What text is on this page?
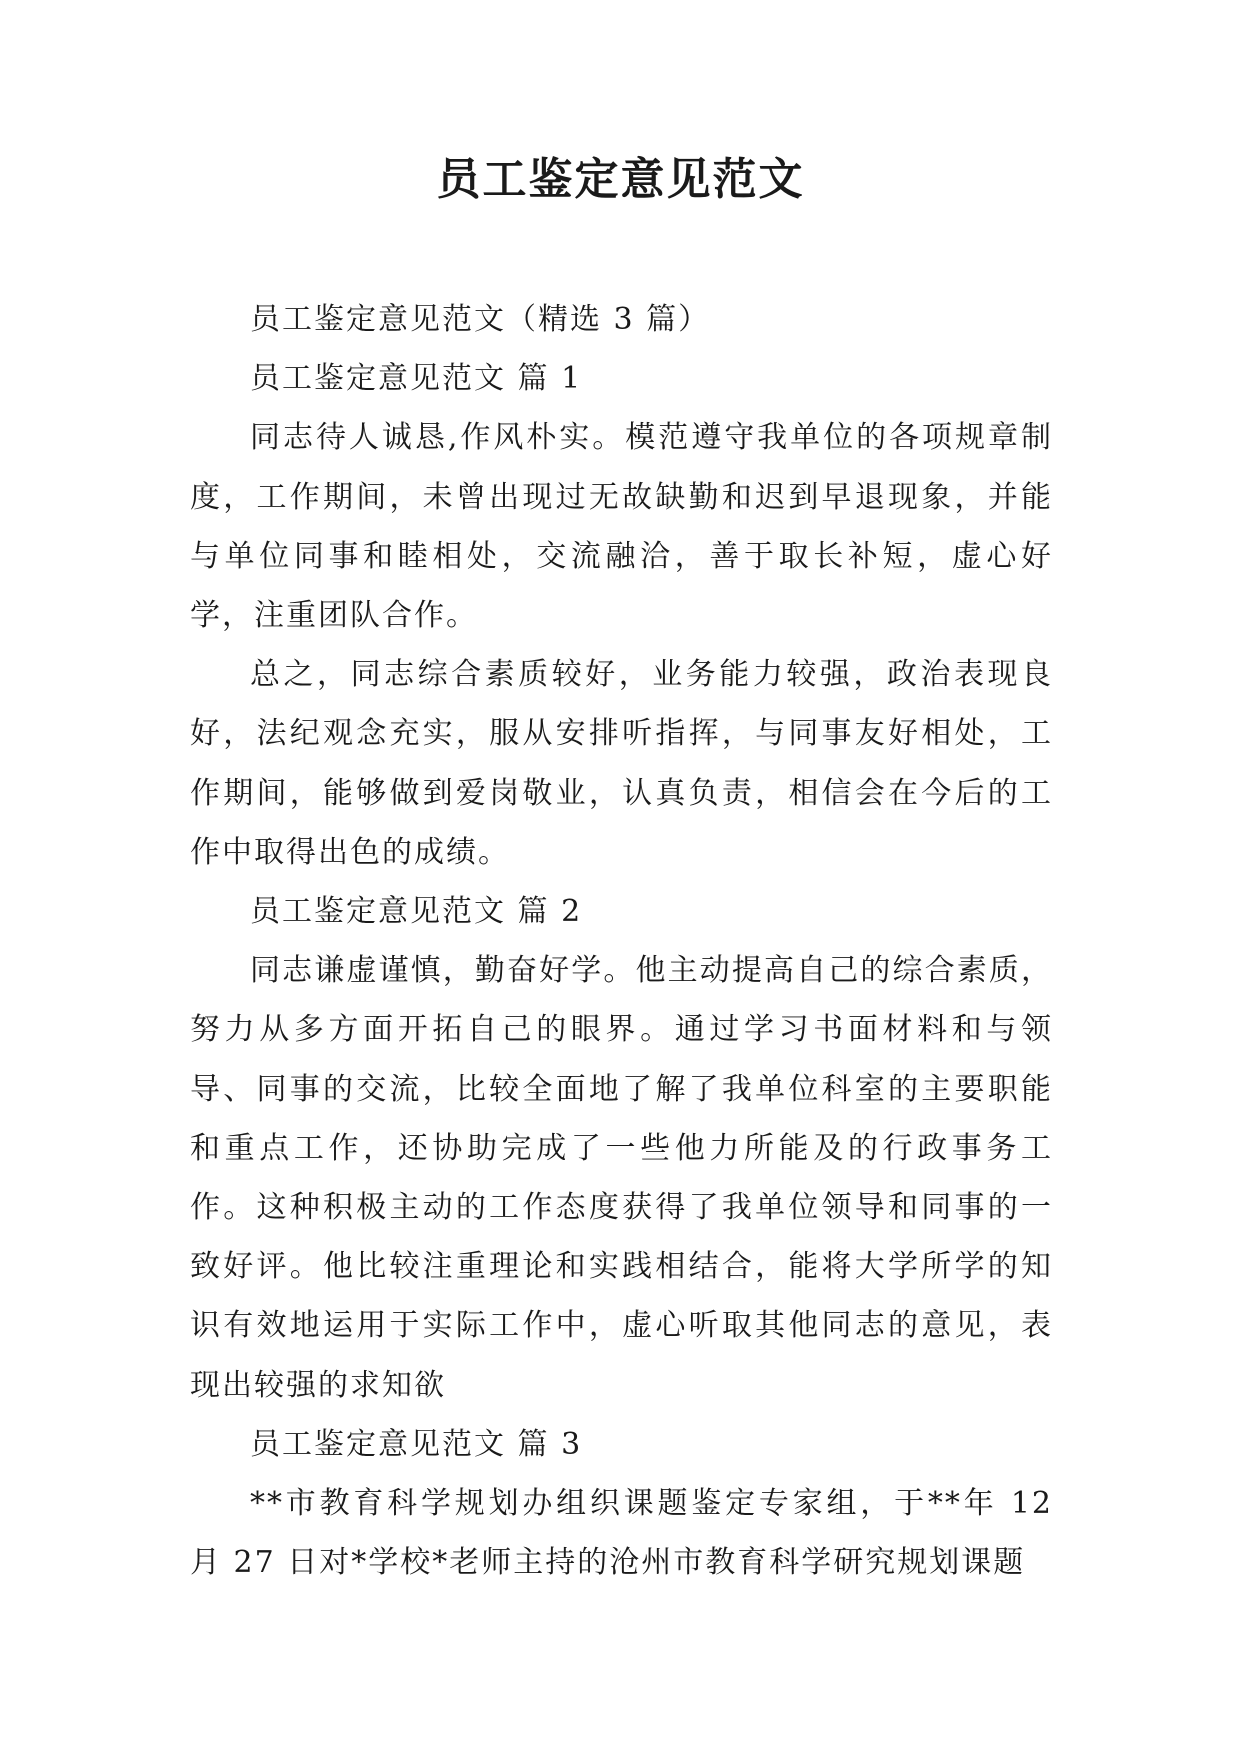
员工鉴定意见范文

员工鉴定意见范文（精选 3 篇）

员工鉴定意见范文 篇 1

同志待人诚恳,作风朴实。模范遵守我单位的各项规章制度，工作期间，未曾出现过无故缺勤和迟到早退现象，并能与单位同事和睦相处，交流融洽，善于取长补短，虚心好学，注重团队合作。

总之，同志综合素质较好，业务能力较强，政治表现良好，法纪观念充实，服从安排听指挥，与同事友好相处，工作期间，能够做到爱岗敬业，认真负责，相信会在今后的工作中取得出色的成绩。

员工鉴定意见范文 篇 2

同志谦虚谨慎，勤奋好学。他主动提高自己的综合素质，努力从多方面开拓自己的眼界。通过学习书面材料和与领导、同事的交流，比较全面地了解了我单位科室的主要职能和重点工作，还协助完成了一些他力所能及的行政事务工作。这种积极主动的工作态度获得了我单位领导和同事的一致好评。他比较注重理论和实践相结合，能将大学所学的知识有效地运用于实际工作中，虚心听取其他同志的意见，表现出较强的求知欲

员工鉴定意见范文 篇 3

**市教育科学规划办组织课题鉴定专家组，于**年 12 月 27 日对*学校*老师主持的沧州市教育科学研究规划课题
